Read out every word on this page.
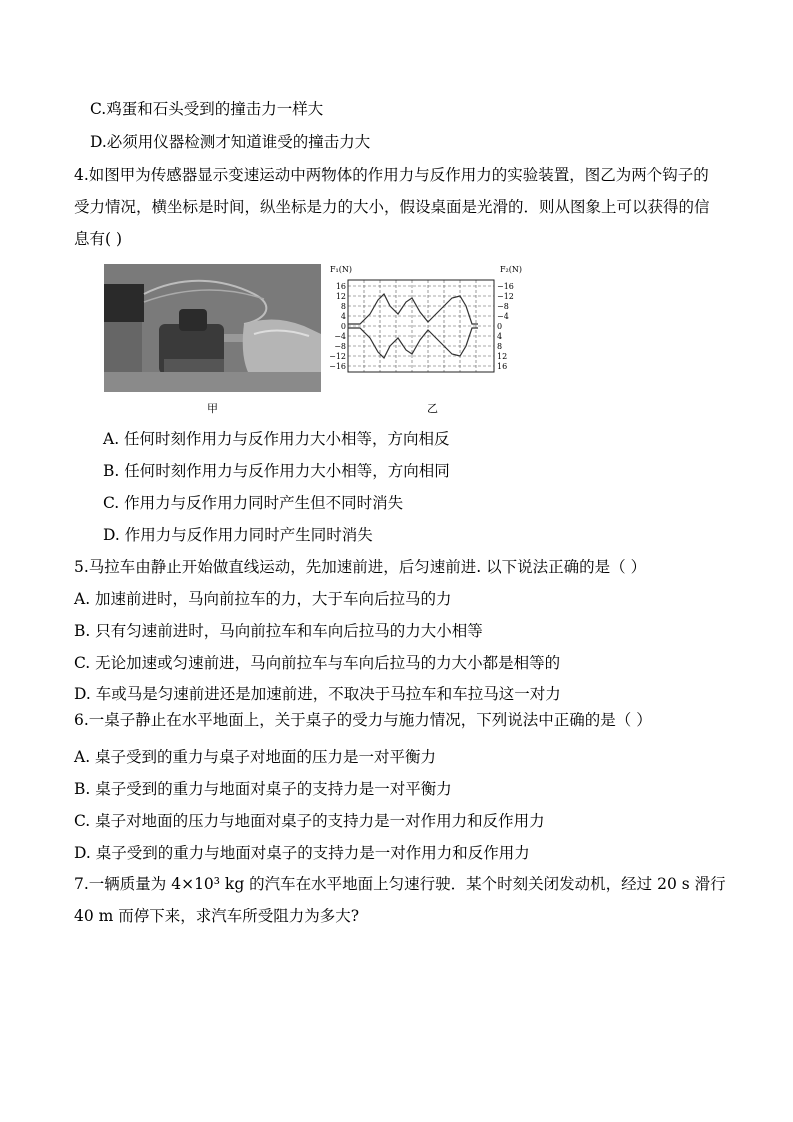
C.鸡蛋和石头受到的撞击力一样大
D.必须用仪器检测才知道谁受的撞击力大
4.如图甲为传感器显示变速运动中两物体的作用力与反作用力的实验装置，图乙为两个钩子的
受力情况，横坐标是时间，纵坐标是力的大小，假设桌面是光滑的．则从图象上可以获得的信
息有( )
F₁(N)	F₂(N)
16
12
8
4
0
−4
−8
−12
−16
−16
−12
−8
−4
0
4
8
12
16
甲	乙
A. 任何时刻作用力与反作用力大小相等，方向相反
B. 任何时刻作用力与反作用力大小相等，方向相同
C. 作用力与反作用力同时产生但不同时消失
D. 作用力与反作用力同时产生同时消失
5.马拉车由静止开始做直线运动，先加速前进，后匀速前进. 以下说法正确的是（ ）
A. 加速前进时，马向前拉车的力，大于车向后拉马的力
B. 只有匀速前进时，马向前拉车和车向后拉马的力大小相等
C. 无论加速或匀速前进，马向前拉车与车向后拉马的力大小都是相等的
D. 车或马是匀速前进还是加速前进，不取决于马拉车和车拉马这一对力
6.一桌子静止在水平地面上，关于桌子的受力与施力情况，下列说法中正确的是（ ）
A. 桌子受到的重力与桌子对地面的压力是一对平衡力
B. 桌子受到的重力与地面对桌子的支持力是一对平衡力
C. 桌子对地面的压力与地面对桌子的支持力是一对作用力和反作用力
D. 桌子受到的重力与地面对桌子的支持力是一对作用力和反作用力
7.一辆质量为 4×10³ kg 的汽车在水平地面上匀速行驶．某个时刻关闭发动机，经过 20 s 滑行
40 m 而停下来，求汽车所受阻力为多大?
